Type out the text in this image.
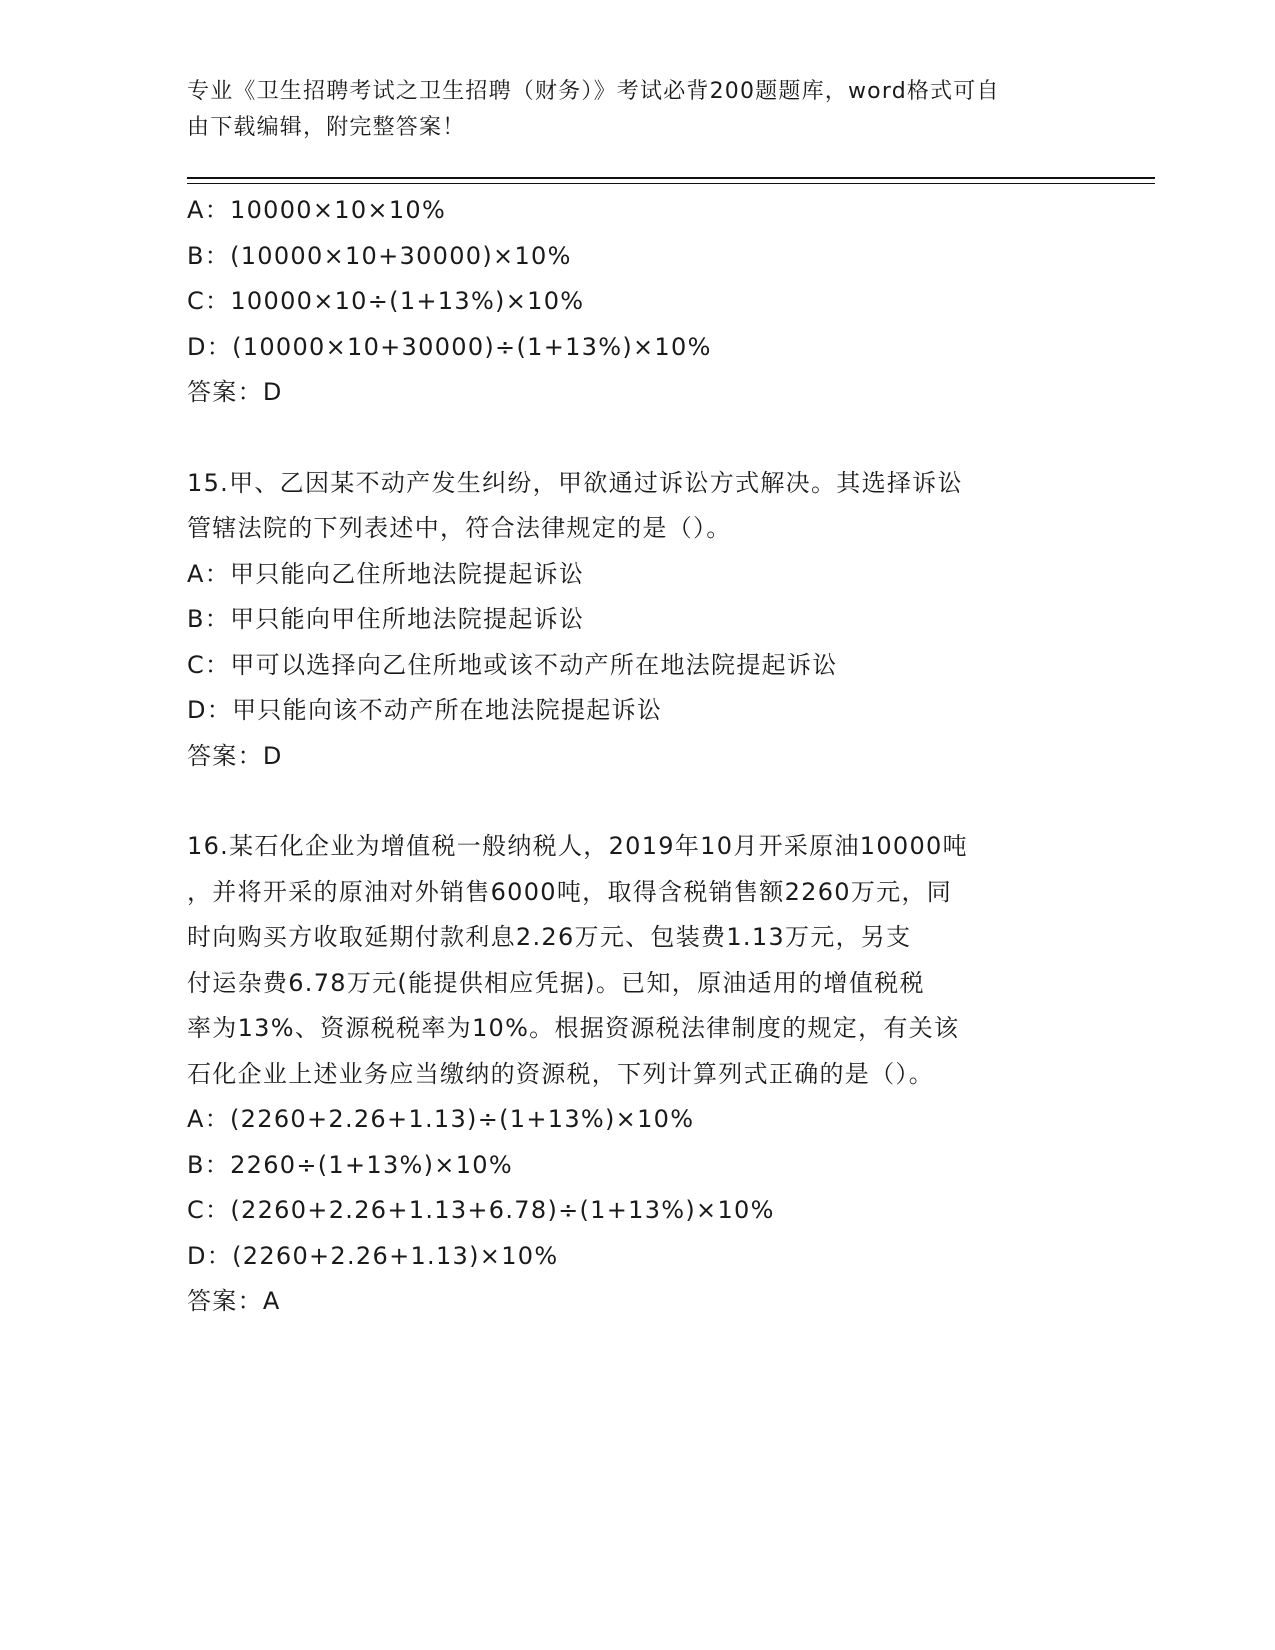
专业《卫生招聘考试之卫生招聘（财务）》考试必背200题题库，word格式可自
由下载编辑，附完整答案！
A：10000×10×10%
B：(10000×10+30000)×10%
C：10000×10÷(1+13%)×10%
D：(10000×10+30000)÷(1+13%)×10%
答案：D
15.甲、乙因某不动产发生纠纷，甲欲通过诉讼方式解决。其选择诉讼
管辖法院的下列表述中，符合法律规定的是（）。
A：甲只能向乙住所地法院提起诉讼
B：甲只能向甲住所地法院提起诉讼
C：甲可以选择向乙住所地或该不动产所在地法院提起诉讼
D：甲只能向该不动产所在地法院提起诉讼
答案：D
16.某石化企业为增值税一般纳税人，2019年10月开采原油10000吨
，并将开采的原油对外销售6000吨，取得含税销售额2260万元，同
时向购买方收取延期付款利息2.26万元、包装费1.13万元，另支
付运杂费6.78万元(能提供相应凭据)。已知，原油适用的增值税税
率为13%、资源税税率为10%。根据资源税法律制度的规定，有关该
石化企业上述业务应当缴纳的资源税，下列计算列式正确的是（）。
A：(2260+2.26+1.13)÷(1+13%)×10%
B：2260÷(1+13%)×10%
C：(2260+2.26+1.13+6.78)÷(1+13%)×10%
D：(2260+2.26+1.13)×10%
答案：A
